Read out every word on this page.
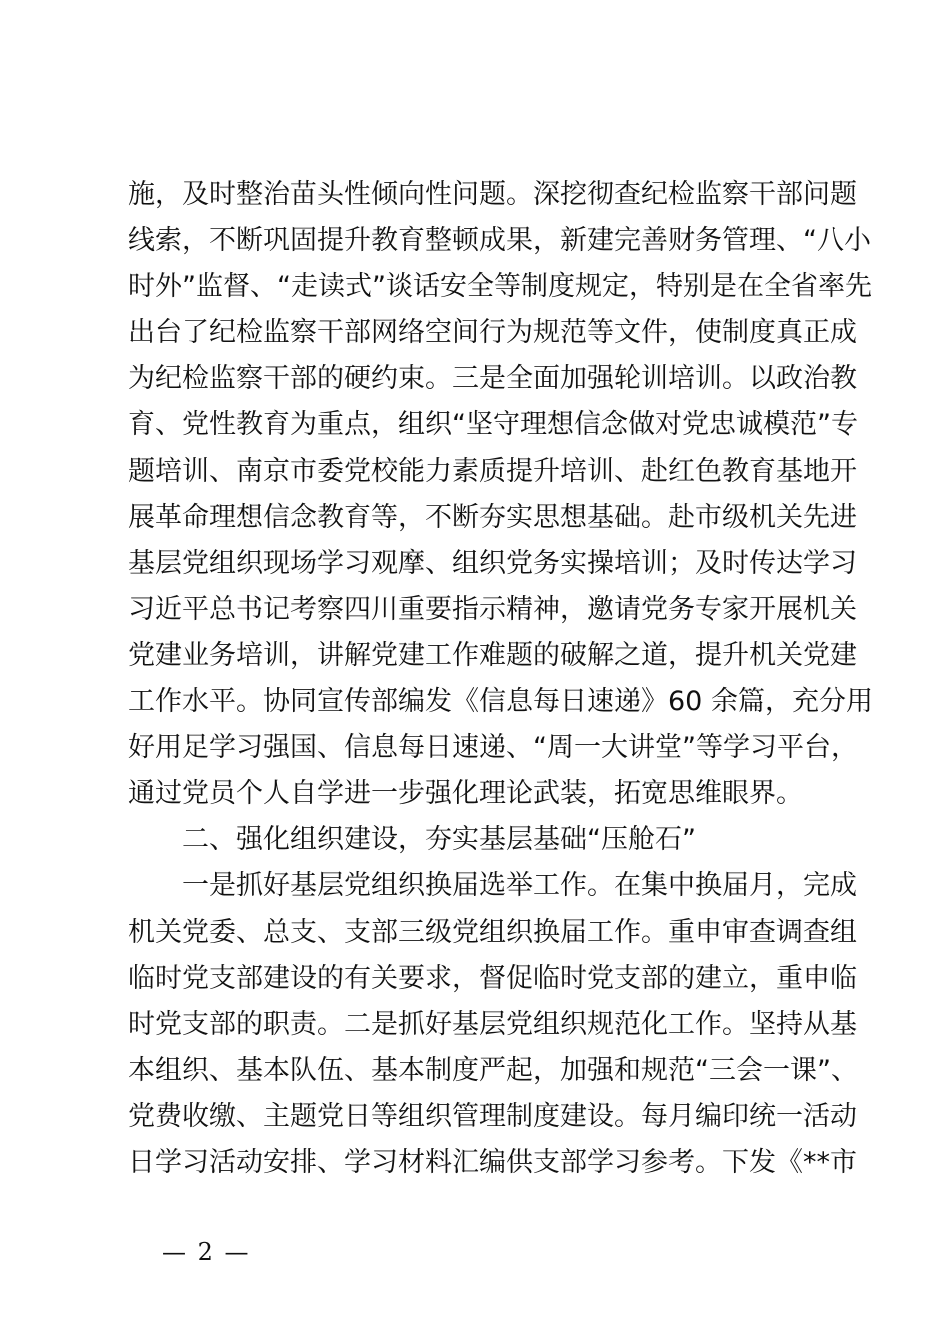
施，及时整治苗头性倾向性问题。深挖彻查纪检监察干部问题
线索，不断巩固提升教育整顿成果，新建完善财务管理、“八小
时外”监督、“走读式”谈话安全等制度规定，特别是在全省率先
出台了纪检监察干部网络空间行为规范等文件，使制度真正成
为纪检监察干部的硬约束。三是全面加强轮训培训。以政治教
育、党性教育为重点，组织“坚守理想信念做对党忠诚模范”专
题培训、南京市委党校能力素质提升培训、赴红色教育基地开
展革命理想信念教育等，不断夯实思想基础。赴市级机关先进
基层党组织现场学习观摩、组织党务实操培训；及时传达学习
习近平总书记考察四川重要指示精神，邀请党务专家开展机关
党建业务培训，讲解党建工作难题的破解之道，提升机关党建
工作水平。协同宣传部编发《信息每日速递》60 余篇，充分用
好用足学习强国、信息每日速递、“周一大讲堂”等学习平台，
通过党员个人自学进一步强化理论武装，拓宽思维眼界。
二、强化组织建设，夯实基层基础“压舱石”
一是抓好基层党组织换届选举工作。在集中换届月，完成
机关党委、总支、支部三级党组织换届工作。重申审查调查组
临时党支部建设的有关要求，督促临时党支部的建立，重申临
时党支部的职责。二是抓好基层党组织规范化工作。坚持从基
本组织、基本队伍、基本制度严起，加强和规范“三会一课”、
党费收缴、主题党日等组织管理制度建设。每月编印统一活动
日学习活动安排、学习材料汇编供支部学习参考。下发《**市
— 2 —
